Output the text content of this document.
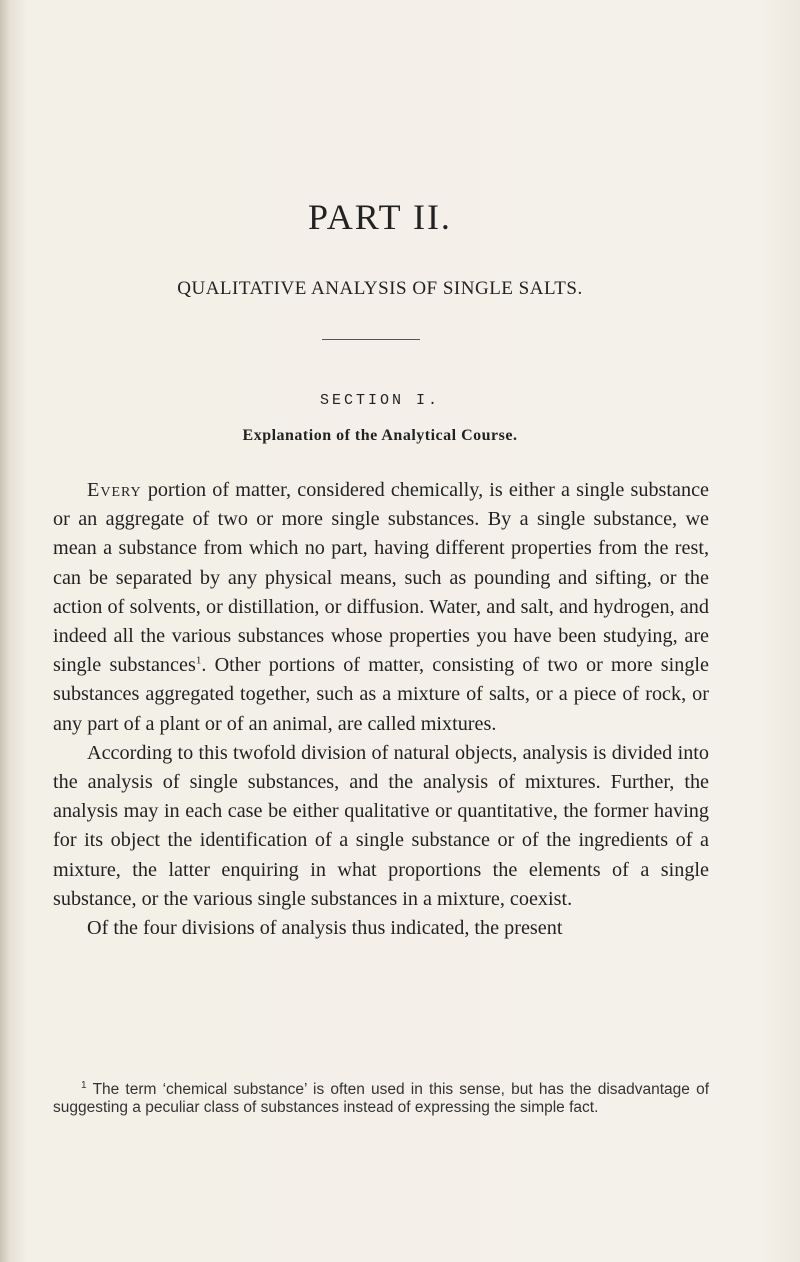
PART II.
QUALITATIVE ANALYSIS OF SINGLE SALTS.
SECTION I.
Explanation of the Analytical Course.

Every portion of matter, considered chemically, is either a single substance or an aggregate of two or more single substances. By a single substance, we mean a substance from which no part, having different properties from the rest, can be separated by any physical means, such as pounding and sifting, or the action of solvents, or distillation, or diffusion. Water, and salt, and hydrogen, and indeed all the various substances whose properties you have been studying, are single substances$^1$. Other portions of matter, consisting of two or more single substances aggregated together, such as a mixture of salts, or a piece of rock, or any part of a plant or of an animal, are called mixtures.

According to this twofold division of natural objects, analysis is divided into the analysis of single substances, and the analysis of mixtures. Further, the analysis may in each case be either qualitative or quantitative, the former having for its object the identification of a single substance or of the ingredients of a mixture, the latter enquiring in what proportions the elements of a single substance, or the various single substances in a mixture, coexist.

Of the four divisions of analysis thus indicated, the present

$^1$ The term ‘chemical substance’ is often used in this sense, but has the disadvantage of suggesting a peculiar class of substances instead of expressing the simple fact.
